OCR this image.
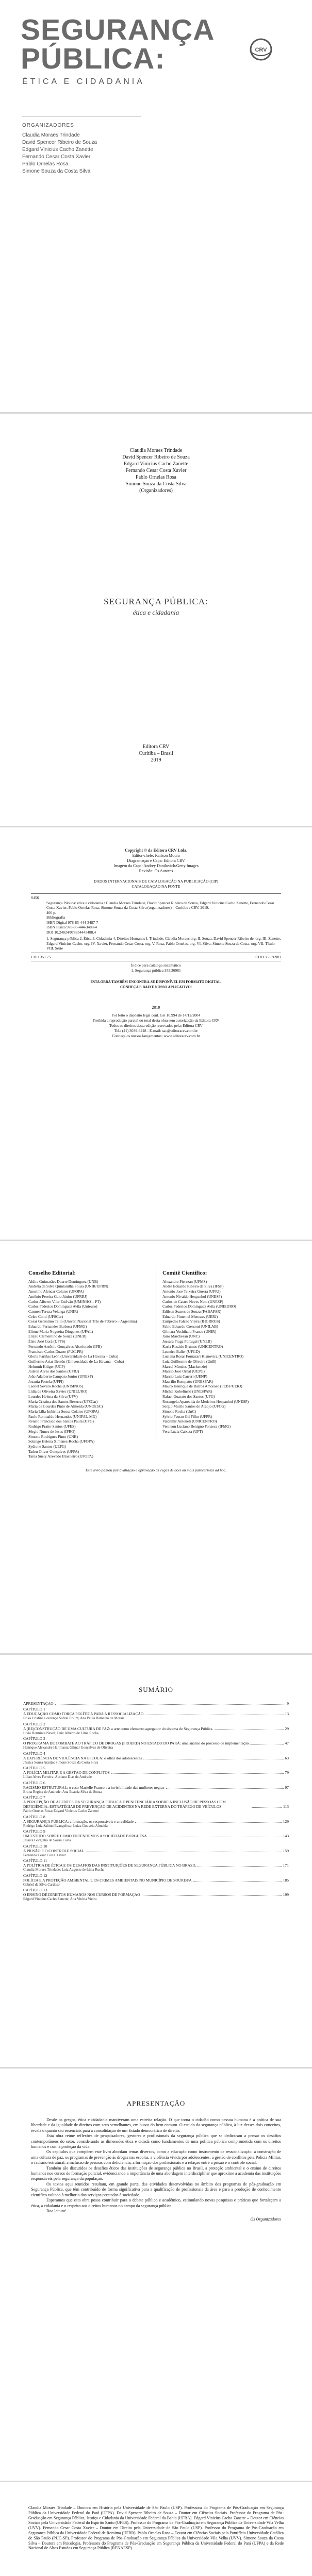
SEGURANÇA
PÚBLICA:
ÉTICA E CIDADANIA
ORGANIZADORES
Claudia Moraes Trindade
David Spencer Ribeiro de Souza
Edgard Vinicius Cacho Zanette
Fernando Cesar Costa Xavier
Pablo Ornelas Rosa
Simone Souza da Costa Silva
CRV
Claudia Moraes Trindade
David Spencer Ribeiro de Souza
Edgard Vinicius Cacho Zanette
Fernando Cesar Costa Xavier
Pablo Ornelas Rosa
Simone Souza da Costa Silva
(Organizadores)
SEGURANÇA PÚBLICA:
ética e cidadania
Editora CRV
Curitiba – Brasil
2019
Copyright © da Editora CRV Ltda.
Editor-chefe: Railson Moura
Diagramação e Capa: Editora CRV
Imagem da Capa: Andrey Danilovich/Getty Images
Revisão: Os Autores
DADOS INTERNACIONAIS DE CATALOGAÇÃO NA PUBLICAÇÃO (CIP)
CATALOGAÇÃO NA FONTE
S456
Segurança Pública: ética e cidadania / Claudia Moraes Trindade, David Spencer Ribeiro de Souza, Edgard Vinicius Cacho Zanette, Fernando Cesar Costa Xavier, Pablo Ornelas Rosa, Simone Souza da Costa Silva (organizadores) – Curitiba : CRV, 2019.
400 p.
Bibliografia
ISBN Digital 978-85-444-3487-7
ISBN Físico 978-85-444-3488-4
DOI 10.24824/978854443488.4
1. Segurança pública 2. Ética 3. Cidadania 4. Direitos Humanos I. Trindade, Claudia Moraes org. II. Souza, David Spencer Ribeiro de. org. III. Zanette, Edgard Vinicius Cacho. org. IV. Xavier, Fernando Cesar Costa. org. V. Rosa, Pablo Ornelas. org. VI. Silva, Simone Souza da Costa. org. VII. Título VIII. Série
CDU 351.75	CDD 353.36981
Índice para catálogo sistemático
1. Segurança pública 353.36981
ESTA OBRA TAMBÉM ENCONTRA-SE DISPONÍVEL EM FORMATO DIGITAL.
CONHEÇA E BAIXE NOSSO APLICATIVO!
2019
Foi feito o depósito legal conf. Lei 10.994 de 14/12/2004
Proibida a reprodução parcial ou total desta obra sem autorização da Editora CRV
Todos os direitos desta edição reservados pela: Editora CRV
Tel.: (41) 3039-6418 - E-mail: sac@editoracrv.com.br
Conheça os nossos lançamentos: www.editoracrv.com.br
Conselho Editorial:
Aldira Guimarães Duarte Domínguez (UNB)
Andréia da Silva Quintanilha Sousa (UNIR/UFRN)
Anselmo Alencar Colares (UFOPA)
Antônio Pereira Gaio Júnior (UFRRJ)
Carlos Alberto Vilar Estêvão (UMINHO – PT)
Carlos Federico Dominguez Avila (Unieuro)
Carmen Tereza Velanga (UNIR)
Celso Conti (UFSCar)
Cesar Gerónimo Tello (Univer. Nacional Três de Febrero – Argentina)
Eduardo Fernandes Barbosa (UFMG)
Elione Maria Nogueira Diogenes (UFAL)
Elizeu Clementino de Souza (UNEB)
Élsio José Corá (UFFS)
Fernando Antônio Gonçalves Alcoforado (IPB)
Francisco Carlos Duarte (PUC-PR)
Gloria Fariñas León (Universidade de La Havana – Cuba)
Guillermo Arias Beatón (Universidade de La Havana – Cuba)
Helmuth Krüger (UCP)
Jailson Alves dos Santos (UFRJ)
João Adalberto Campato Junior (UNESP)
Josania Portela (UFPI)
Leonel Severo Rocha (UNISINOS)
Lídia de Oliveira Xavier (UNIEURO)
Lourdes Helena da Silva (UFV)
Maria Cristina dos Santos Bezerra (UFSCar)
Maria de Lourdes Pinto de Almeida (UNOESC)
Maria Lília Imbiriba Sousa Colares (UFOPA)
Paulo Romualdo Hernandes (UNIFAL-MG)
Renato Francisco dos Santos Paula (UFG)
Rodrigo Pratte-Santos (UFES)
Sérgio Nunes de Jesus (IFRO)
Simone Rodrigues Pinto (UNB)
Solange Helena Ximenes-Rocha (UFOPA)
Sydione Santos (UEPG)
Tadeu Oliver Gonçalves (UFPA)
Tania Suely Azevedo Brasileiro (UFOPA)
Comitê Científico:
Alexandre Pierezan (UFMS)
Andre Eduardo Ribeiro da Silva (IFSP)
Antonio Jose Teixeira Guerra (UFRJ)
Antonio Nivaldo Hespanhol (UNESP)
Carlos de Castro Neves Neto (UNESP)
Carlos Federico Dominguez Avila (UNIEURO)
Edilson Soares de Souza (FABAPAR)
Eduardo Pimentel Menezes (UERJ)
Euripedes Falcao Vieira (IHGRRGS)
Fabio Eduardo Cressoni (UNILAB)
Gilmara Yoshihara Franco (UNIR)
Jairo Marchesan (UNC)
Jussara Fraga Portugal (UNEB)
Karla Rosário Brumes (UNICENTRO)
Leandro Baller (UFGD)
Luciana Rosar Fornazari Klanovicz (UNICENTRO)
Luiz Guilherme de Oliveira (UnB)
Marcel Mendes (Mackenzie)
Marcio Jose Ornat (UEPG)
Marcio Luiz Carreri (UENP)
Maurilio Rompatto (UNESPAR)
Mauro Henrique de Barros Amoroso (FEBF/UERJ)
Michel Kobelinski (UNESPAR)
Rafael Guarato dos Santos (UFG)
Rosangela Aparecida de Medeiros Hespanhol (UNESP)
Sergio Murilo Santos de Araújo (UFCG)
Simone Rocha (UnC)
Sylvio Fausto Gil Filho (UFPR)
Valdemir Antoneli (UNICENTRO)
Venilson Luciano Benigno Fonseca (IFMG)
Vera Lúcia Caixeta (UFT)
Este livro passou por avaliação e aprovação às cegas de dois ou mais pareceristas ad hoc.
SUMÁRIO
APRESENTAÇÃO	9
CAPÍTULO 1
A EDUCAÇÃO COMO FORÇA POLÍTICA PARA A RESSOCIALIZAÇÃO	13
Erika Cristina Lourenço Sobral Rolim; Ana Paula Ramalho de Morais
CAPÍTULO 2
A (RE)CONSTRUÇÃO DE UMA CULTURA DE PAZ: a arte como elemento agregador do sistema de Segurança Pública	29
Livia Herminia Neves; Luiz Alberto de Lima Rocha
CAPÍTULO 3
O PROGRAMA DE COMBATE AO TRÁFICO DE DROGAS (PROERD) NO ESTADO DO PARÁ: uma análise do processo de implementação	47
Henrique Alexandre Hartmann; Gilmar Gonçalves de Oliveira
CAPÍTULO 4
A EXPERIÊNCIA DE VIOLÊNCIA NA ESCOLA: o olhar dos adolescentes	63
Jéssica Souza Araújo; Simone Souza da Costa Silva
CAPÍTULO 5
A POLÍCIA MILITAR E A GESTÃO DE CONFLITOS	79
Lilian Alves Ferreira; Adriano Dias de Andrade
CAPÍTULO 6
RACISMO ESTRUTURAL: o caso Marielle Franco e a invisibilidade das mulheres negras	97
Bruna Regina de Andrade; Ana Beatriz Silva de Souza
CAPÍTULO 7
A PERCEPÇÃO DE AGENTES DA SEGURANÇA PÚBLICA E PENITENCIÁRIA SOBRE A INCLUSÃO DE PESSOAS COM DEFICIÊNCIA: ESTRATÉGIAS DE PREVENÇÃO DE ACIDENTES NA REDE EXTERNA DO TRÁFEGO DE VEÍCULOS	113
Pablo Ornelas Rosa; Edgard Vinicius Cacho Zanette
CAPÍTULO 8
A SEGURANÇA PÚBLICA: a formação, os responsáveis e a realidade	129
Rodrigo Luiz Sabino Evangelista; Luiza Gouveia Almeida
CAPÍTULO 9
UM ESTUDO SOBRE COMO ENTENDEMOS A SOCIEDADE BURGUESA	143
Jessica Gorgulho de Sousa Costa
CAPÍTULO 10
A PRISÃO E O CONTROLE SOCIAL	159
Fernando Cesar Costa Xavier
CAPÍTULO 11
A POLÍTICA DE ÉTICA E OS DESAFIOS DAS INSTITUIÇÕES DE SEGURANÇA PÚBLICA NO BRASIL	171
Claudia Moraes Trindade; Luiz Augusto de Lima Rocha
CAPÍTULO 12
POLÍCIA E A PROTEÇÃO AMBIENTAL E OS CRIMES AMBIENTAIS NO MUNICÍPIO DE SOURE/PA	185
Gabriel da Silva Cardoso
CAPÍTULO 13
O ENSINO DE DIREITOS HUMANOS NOS CURSOS DE FORMAÇÃO	199
Edgard Vinicius Cacho Zanette; Ana Vitória Vieira
APRESENTAÇÃO

Desde os gregos, ética e cidadania mantiveram uma estreita relação. O que torna o cidadão como pessoa humana é a prática de sua liberdade e da igualdade de direitos com seus semelhantes, em busca do bem comum. O estudo da segurança pública, à luz desses dois conceitos, revela o quanto são essenciais para a consolidação de um Estado democrático de direito.

Esta obra reúne reflexões de pesquisadores, gestores e profissionais da segurança pública que se dedicaram a pensar os desafios contemporâneos do setor, considerando as dimensões ética e cidadã como fundamentos de uma política pública comprometida com os direitos humanos e com a proteção da vida.

Os capítulos que compõem este livro abordam temas diversos, como a educação como instrumento de ressocialização, a construção de uma cultura de paz, os programas de prevenção às drogas nas escolas, a violência vivida por adolescentes, a gestão de conflitos pela Polícia Militar, o racismo estrutural, a inclusão de pessoas com deficiência, a formação dos profissionais e a relação entre a prisão e o controle social.

Também são discutidos os desafios éticos das instituições de segurança pública no Brasil, a proteção ambiental e o ensino de direitos humanos nos cursos de formação policial, evidenciando a importância de uma abordagem interdisciplinar que aproxime a academia das instituições responsáveis pela segurança da população.

Os textos aqui reunidos resultam, em grande parte, das atividades desenvolvidas no âmbito dos programas de pós-graduação em Segurança Pública, que têm contribuído de forma significativa para a qualificação de profissionais da área e para a produção de conhecimento científico voltado à melhoria dos serviços prestados à sociedade.

Esperamos que esta obra possa contribuir para o debate público e acadêmico, estimulando novas pesquisas e práticas que fortaleçam a ética, a cidadania e o respeito aos direitos humanos no campo da segurança pública.

Boa leitura!

Os Organizadores

Claudia Moraes Trindade – Doutora em História pela Universidade de São Paulo (USP). Professora do Programa de Pós-Graduação em Segurança Pública da Universidade Federal do Pará (UFPA). David Spencer Ribeiro de Souza – Doutor em Ciências Sociais. Professor do Programa de Pós-Graduação em Segurança Pública, Justiça e Cidadania da Universidade Federal da Bahia (UFBA). Edgard Vinicius Cacho Zanette – Doutor em Ciências Sociais pela Universidade Federal do Espírito Santo (UFES). Professor do Programa de Pós-Graduação em Segurança Pública da Universidade Vila Velha (UVV). Fernando Cesar Costa Xavier – Doutor em Direito pela Universidade de São Paulo (USP). Professor do Programa de Pós-Graduação em Segurança Pública da Universidade Federal de Roraima (UFRR). Pablo Ornelas Rosa – Doutor em Ciências Sociais pela Pontifícia Universidade Católica de São Paulo (PUC-SP). Professor do Programa de Pós-Graduação em Segurança Pública da Universidade Vila Velha (UVV). Simone Souza da Costa Silva – Doutora em Psicologia. Professora do Programa de Pós-Graduação em Segurança Pública da Universidade Federal do Pará (UFPA) e da Rede Nacional de Altos Estudos em Segurança Pública (RENAESP).
